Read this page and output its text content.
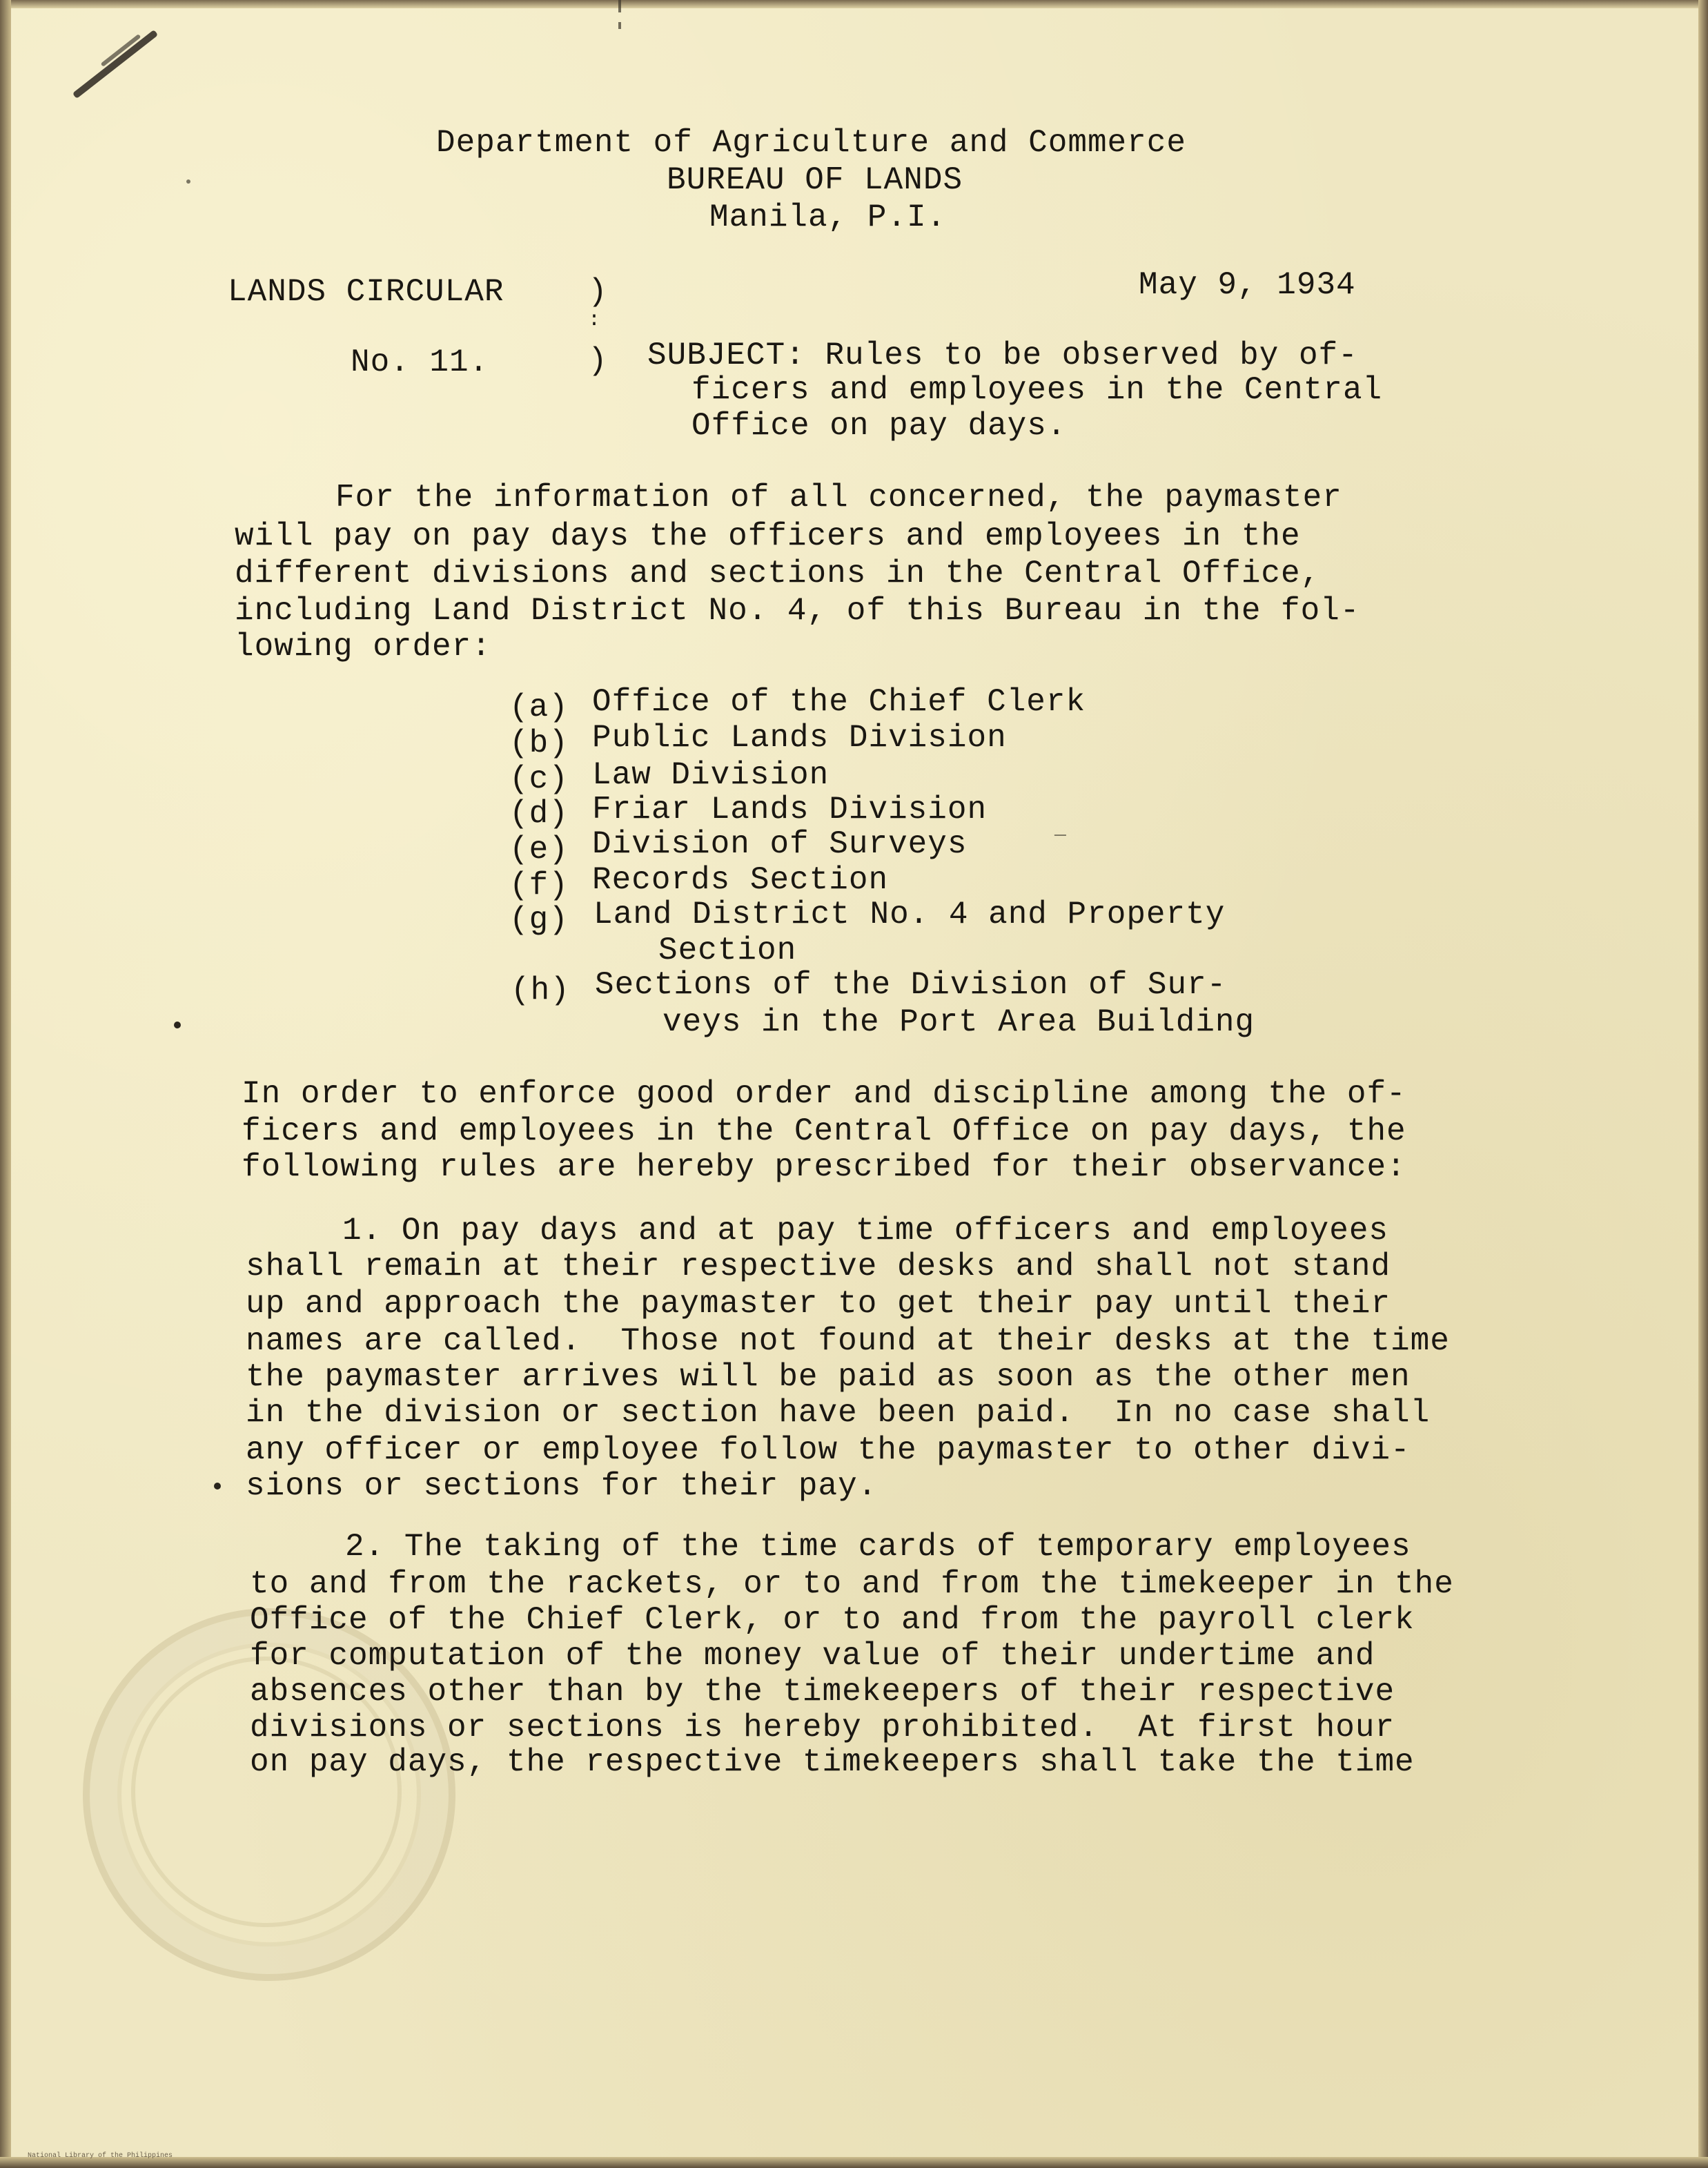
Department of Agriculture and Commerce
BUREAU OF LANDS
Manila, P.I.
LANDS CIRCULAR	)	May 9, 1934
No. 11.
:
) SUBJECT: Rules to be observed by of-
ficers and employees in the Central
Office on pay days.
For the information of all concerned, the paymaster
will pay on pay days the officers and employees in the
different divisions and sections in the Central Office,
including Land District No. 4, of this Bureau in the fol-
lowing order:
(a) Office of the Chief Clerk
(b) Public Lands Division
(c) Law Division
(d) Friar Lands Division
(e) Division of Surveys	—
(f) Records Section
(g) Land District No. 4 and Property
Section
(h) Sections of the Division of Sur-
veys in the Port Area Building
In order to enforce good order and discipline among the of-
ficers and employees in the Central Office on pay days, the
following rules are hereby prescribed for their observance:
1. On pay days and at pay time officers and employees
shall remain at their respective desks and shall not stand
up and approach the paymaster to get their pay until their
names are called.  Those not found at their desks at the time
the paymaster arrives will be paid as soon as the other men
in the division or section have been paid.  In no case shall
any officer or employee follow the paymaster to other divi-
sions or sections for their pay.
2. The taking of the time cards of temporary employees
to and from the rackets, or to and from the timekeeper in the
Office of the Chief Clerk, or to and from the payroll clerk
for computation of the money value of their undertime and
absences other than by the timekeepers of their respective
divisions or sections is hereby prohibited.  At first hour
on pay days, the respective timekeepers shall take the time
National Library of the Philippines
